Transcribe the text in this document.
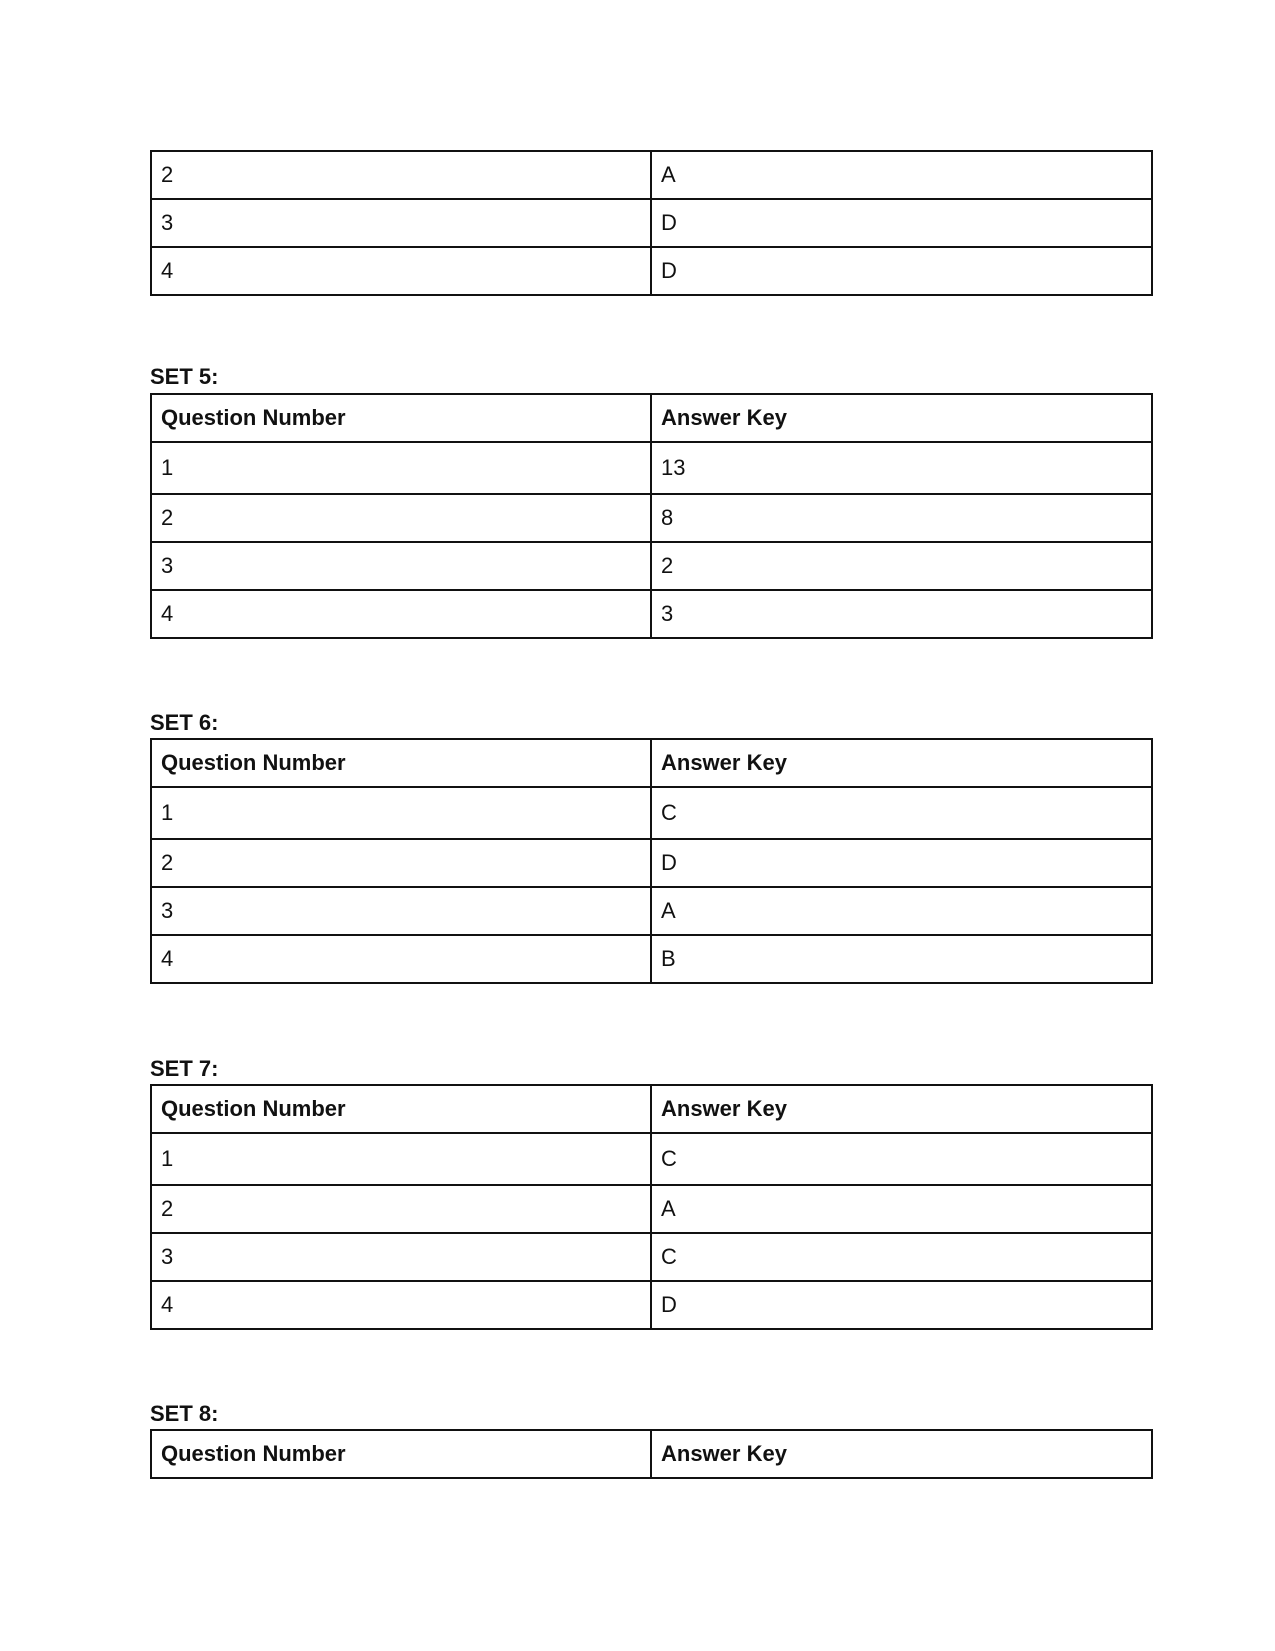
2	A
3	D
4	D

SET 5:

Question Number	Answer Key
1	13
2	8
3	2
4	3

SET 6:

Question Number	Answer Key
1	C
2	D
3	A
4	B

SET 7:

Question Number	Answer Key
1	C
2	A
3	C
4	D

SET 8:

Question Number	Answer Key
